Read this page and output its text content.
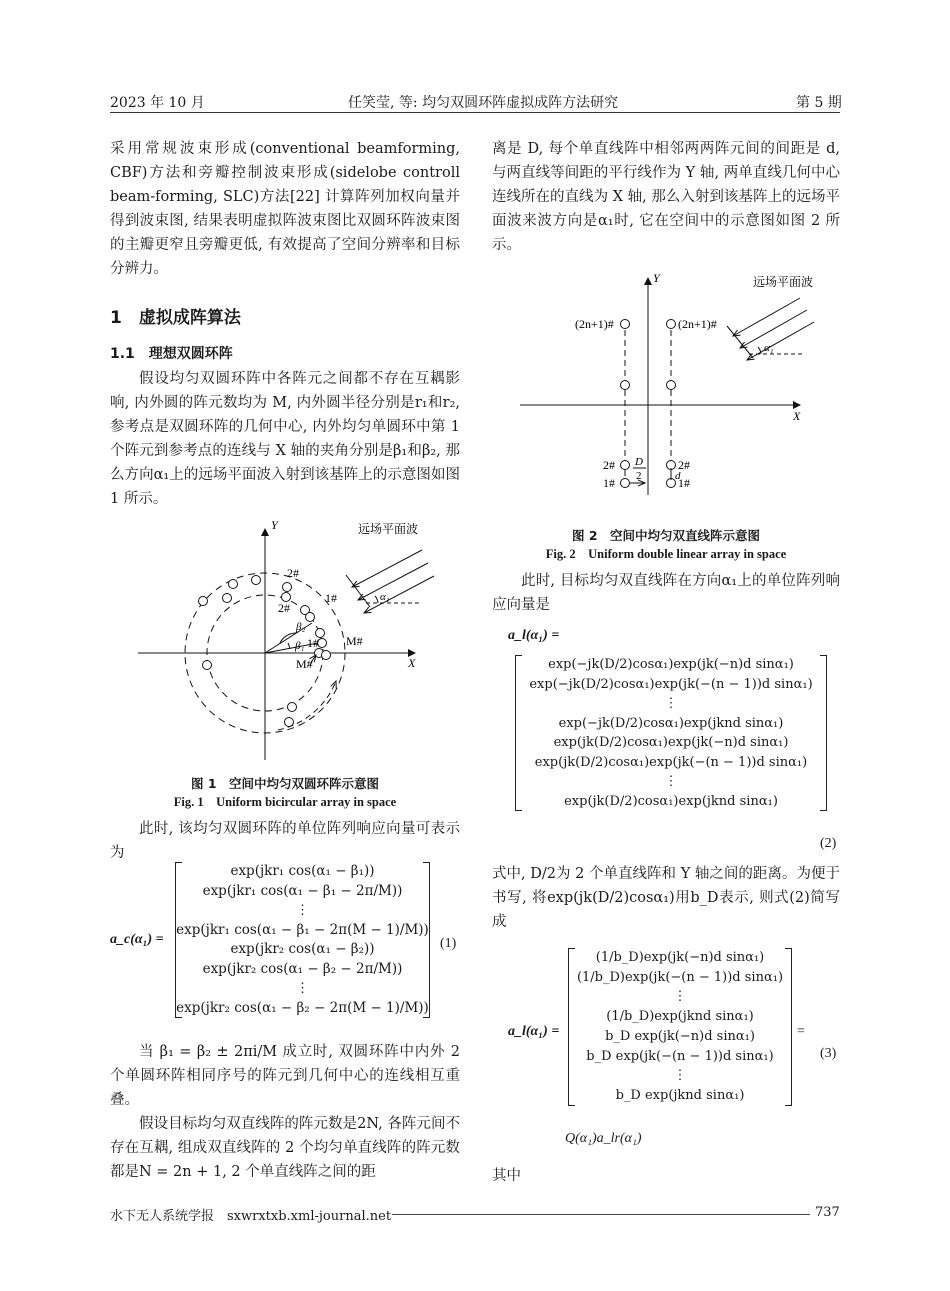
2023 年 10 月	任笑莹, 等: 均匀双圆环阵虚拟成阵方法研究	第 5 期

采用常规波束形成(conventional beamforming, CBF)方法和旁瓣控制波束形成(sidelobe controll beam-forming, SLC)方法[22] 计算阵列加权向量并得到波束图, 结果表明虚拟阵波束图比双圆环阵波束图的主瓣更窄且旁瓣更低, 有效提高了空间分辨率和目标分辨力。

1　虚拟成阵算法
1.1　理想双圆环阵

假设均匀双圆环阵中各阵元之间都不存在互耦影响, 内外圆的阵元数均为 M, 内外圆半径分别是r₁和r₂, 参考点是双圆环阵的几何中心, 内外均匀单圆环中第 1 个阵元到参考点的连线与 X 轴的夹角分别是β₁和β₂, 那么方向α₁上的远场平面波入射到该基阵上的示意图如图 1 所示。

Y
X
2#
2#
1#
1# M#
M#
β₂
β₁
远场平面波
α₁
图 1　空间中均匀双圆环阵示意图
Fig. 1　Uniform bicircular array in space

此时, 该均匀双圆环阵的单位阵列响应向量可表示为

a_c(α₁) =
exp(jkr₁ cos(α₁ − β₁))
exp(jkr₁ cos(α₁ − β₁ − 2π/M))
⋮
exp(jkr₁ cos(α₁ − β₁ − 2π(M − 1)/M))
exp(jkr₂ cos(α₁ − β₂))
exp(jkr₂ cos(α₁ − β₂ − 2π/M))
⋮
exp(jkr₂ cos(α₁ − β₂ − 2π(M − 1)/M))
(1)

当 β₁ = β₂ ± 2πi/M 成立时, 双圆环阵中内外 2 个单圆环阵相同序号的阵元到几何中心的连线相互重叠。

假设目标均匀双直线阵的阵元数是2N, 各阵元间不存在互耦, 组成双直线阵的 2 个均匀单直线阵的阵元数都是N = 2n + 1, 2 个单直线阵之间的距

离是 D, 每个单直线阵中相邻两两阵元间的间距是 d, 与两直线等间距的平行线作为 Y 轴, 两单直线几何中心连线所在的直线为 X 轴, 那么入射到该基阵上的远场平面波来波方向是α₁时, 它在空间中的示意图如图 2 所示。

Y
X
(2n+1)#	(2n+1)#
2#	2#
1#	1#
D
2	d
远场平面波
α₁
图 2　空间中均匀双直线阵示意图
Fig. 2　Uniform double linear array in space

此时, 目标均匀双直线阵在方向α₁上的单位阵列响应向量是

a_l(α₁) =
exp(−jk(D/2)cosα₁)exp(jk(−n)d sinα₁)
exp(−jk(D/2)cosα₁)exp(jk(−(n − 1))d sinα₁)
⋮
exp(−jk(D/2)cosα₁)exp(jknd sinα₁)
exp(jk(D/2)cosα₁)exp(jk(−n)d sinα₁)
exp(jk(D/2)cosα₁)exp(jk(−(n − 1))d sinα₁)
⋮
exp(jk(D/2)cosα₁)exp(jknd sinα₁)
(2)

式中, D/2为 2 个单直线阵和 Y 轴之间的距离。为便于书写, 将exp(jk(D/2)cosα₁)用b_D表示, 则式(2)简写成

a_l(α₁) =
(1/b_D)exp(jk(−n)d sinα₁)
(1/b_D)exp(jk(−(n − 1))d sinα₁)
⋮
(1/b_D)exp(jknd sinα₁)
b_D exp(jk(−n)d sinα₁)
b_D exp(jk(−(n − 1))d sinα₁)
⋮
b_D exp(jknd sinα₁)
=
(3)
Q(α₁)a_lr(α₁)

其中

水下无人系统学报　sxwrxtxb.xml-journal.net	737
